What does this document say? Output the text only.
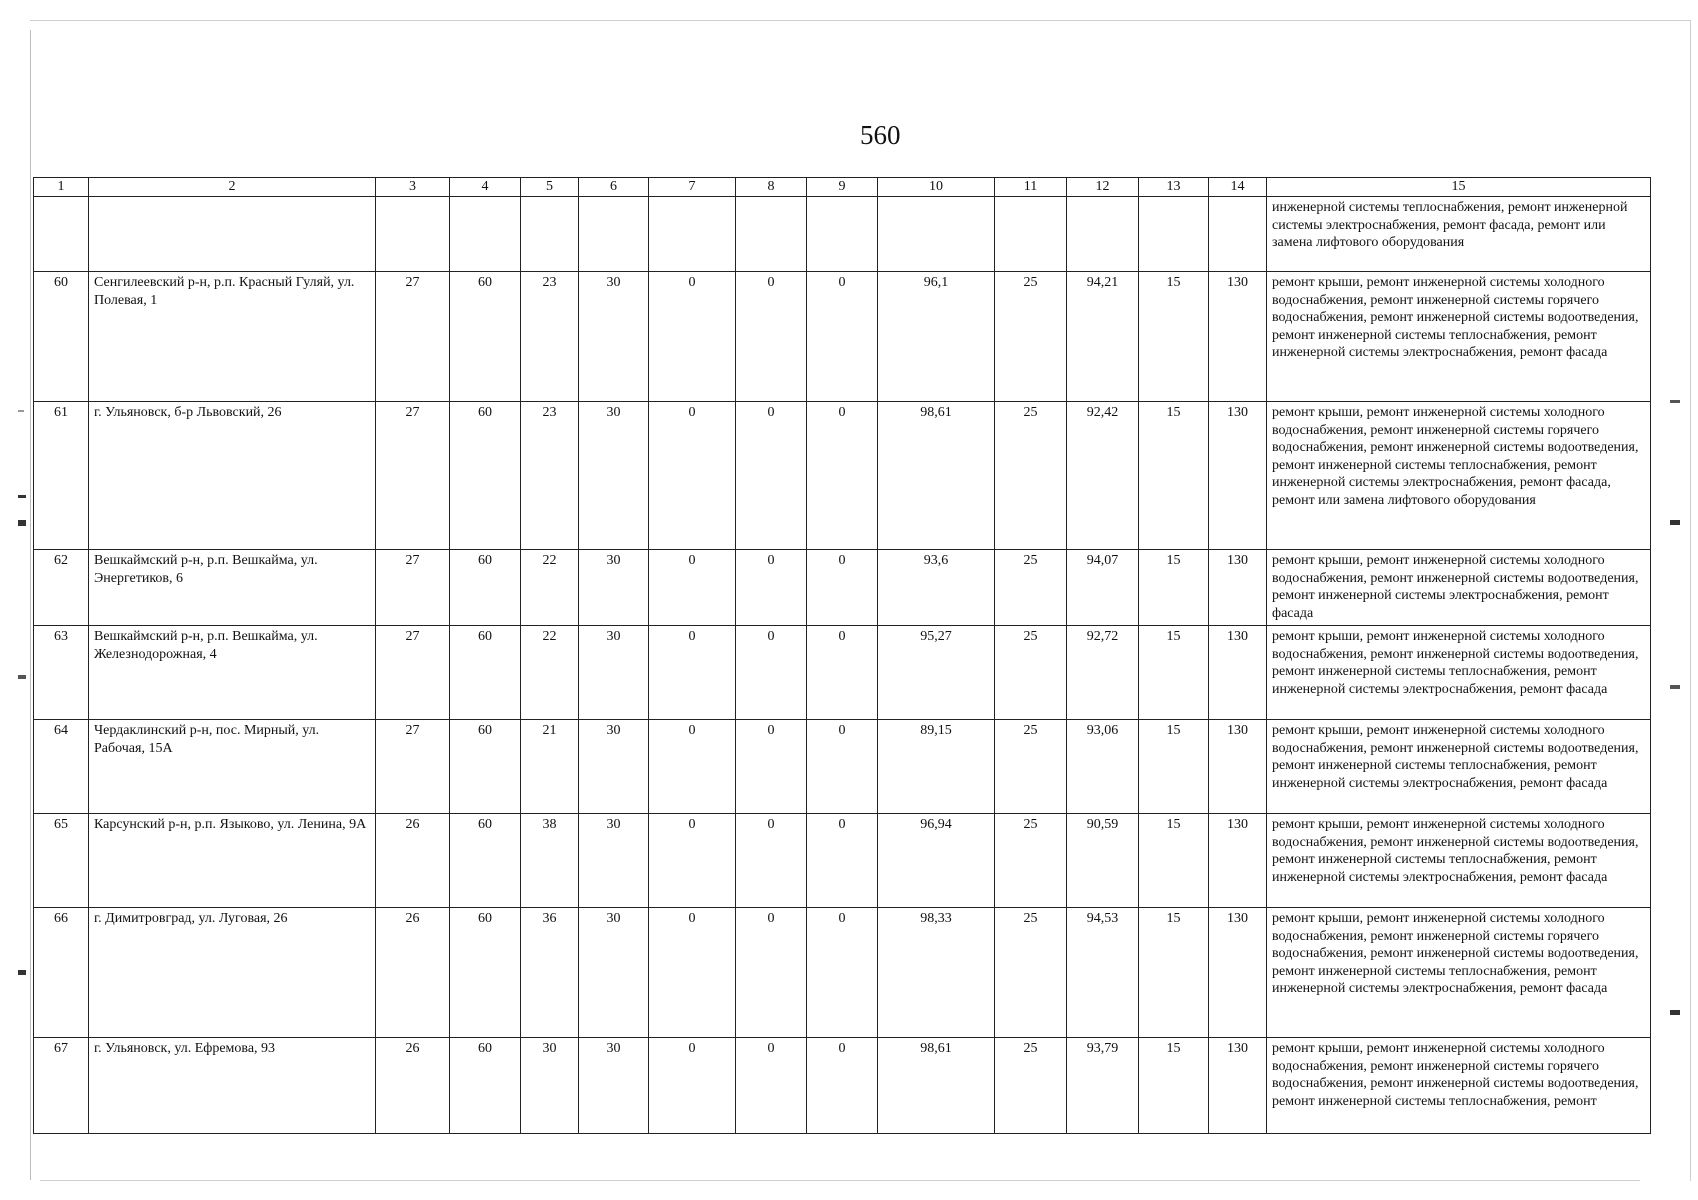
560
1	2	3	4	5	6	7	8	9	10	11	12	13	14	15
														инженерной системы теплоснабжения, ремонт инженерной системы электроснабжения, ремонт фасада, ремонт или замена лифтового оборудования
60	Сенгилеевский р-н, р.п. Красный Гуляй, ул. Полевая, 1	27	60	23	30	0	0	0	96,1	25	94,21	15	130	ремонт крыши, ремонт инженерной системы холодного водоснабжения, ремонт инженерной системы горячего водоснабжения, ремонт инженерной системы водоотведения, ремонт инженерной системы теплоснабжения, ремонт инженерной системы электроснабжения, ремонт фасада
61	г. Ульяновск, б-р Львовский, 26	27	60	23	30	0	0	0	98,61	25	92,42	15	130	ремонт крыши, ремонт инженерной системы холодного водоснабжения, ремонт инженерной системы горячего водоснабжения, ремонт инженерной системы водоотведения, ремонт инженерной системы теплоснабжения, ремонт инженерной системы электроснабжения, ремонт фасада, ремонт или замена лифтового оборудования
62	Вешкаймский р-н, р.п. Вешкайма, ул. Энергетиков, 6	27	60	22	30	0	0	0	93,6	25	94,07	15	130	ремонт крыши, ремонт инженерной системы холодного водоснабжения, ремонт инженерной системы водоотведения, ремонт инженерной системы электроснабжения, ремонт фасада
63	Вешкаймский р-н, р.п. Вешкайма, ул. Железнодорожная, 4	27	60	22	30	0	0	0	95,27	25	92,72	15	130	ремонт крыши, ремонт инженерной системы холодного водоснабжения, ремонт инженерной системы водоотведения, ремонт инженерной системы теплоснабжения, ремонт инженерной системы электроснабжения, ремонт фасада
64	Чердаклинский р-н, пос. Мирный, ул. Рабочая, 15А	27	60	21	30	0	0	0	89,15	25	93,06	15	130	ремонт крыши, ремонт инженерной системы холодного водоснабжения, ремонт инженерной системы водоотведения, ремонт инженерной системы теплоснабжения, ремонт инженерной системы электроснабжения, ремонт фасада
65	Карсунский р-н, р.п. Языково, ул. Ленина, 9А	26	60	38	30	0	0	0	96,94	25	90,59	15	130	ремонт крыши, ремонт инженерной системы холодного водоснабжения, ремонт инженерной системы водоотведения, ремонт инженерной системы теплоснабжения, ремонт инженерной системы электроснабжения, ремонт фасада
66	г. Димитровград, ул. Луговая, 26	26	60	36	30	0	0	0	98,33	25	94,53	15	130	ремонт крыши, ремонт инженерной системы холодного водоснабжения, ремонт инженерной системы горячего водоснабжения, ремонт инженерной системы водоотведения, ремонт инженерной системы теплоснабжения, ремонт инженерной системы электроснабжения, ремонт фасада
67	г. Ульяновск, ул. Ефремова, 93	26	60	30	30	0	0	0	98,61	25	93,79	15	130	ремонт крыши, ремонт инженерной системы холодного водоснабжения, ремонт инженерной системы горячего водоснабжения, ремонт инженерной системы водоотведения, ремонт инженерной системы теплоснабжения, ремонт
